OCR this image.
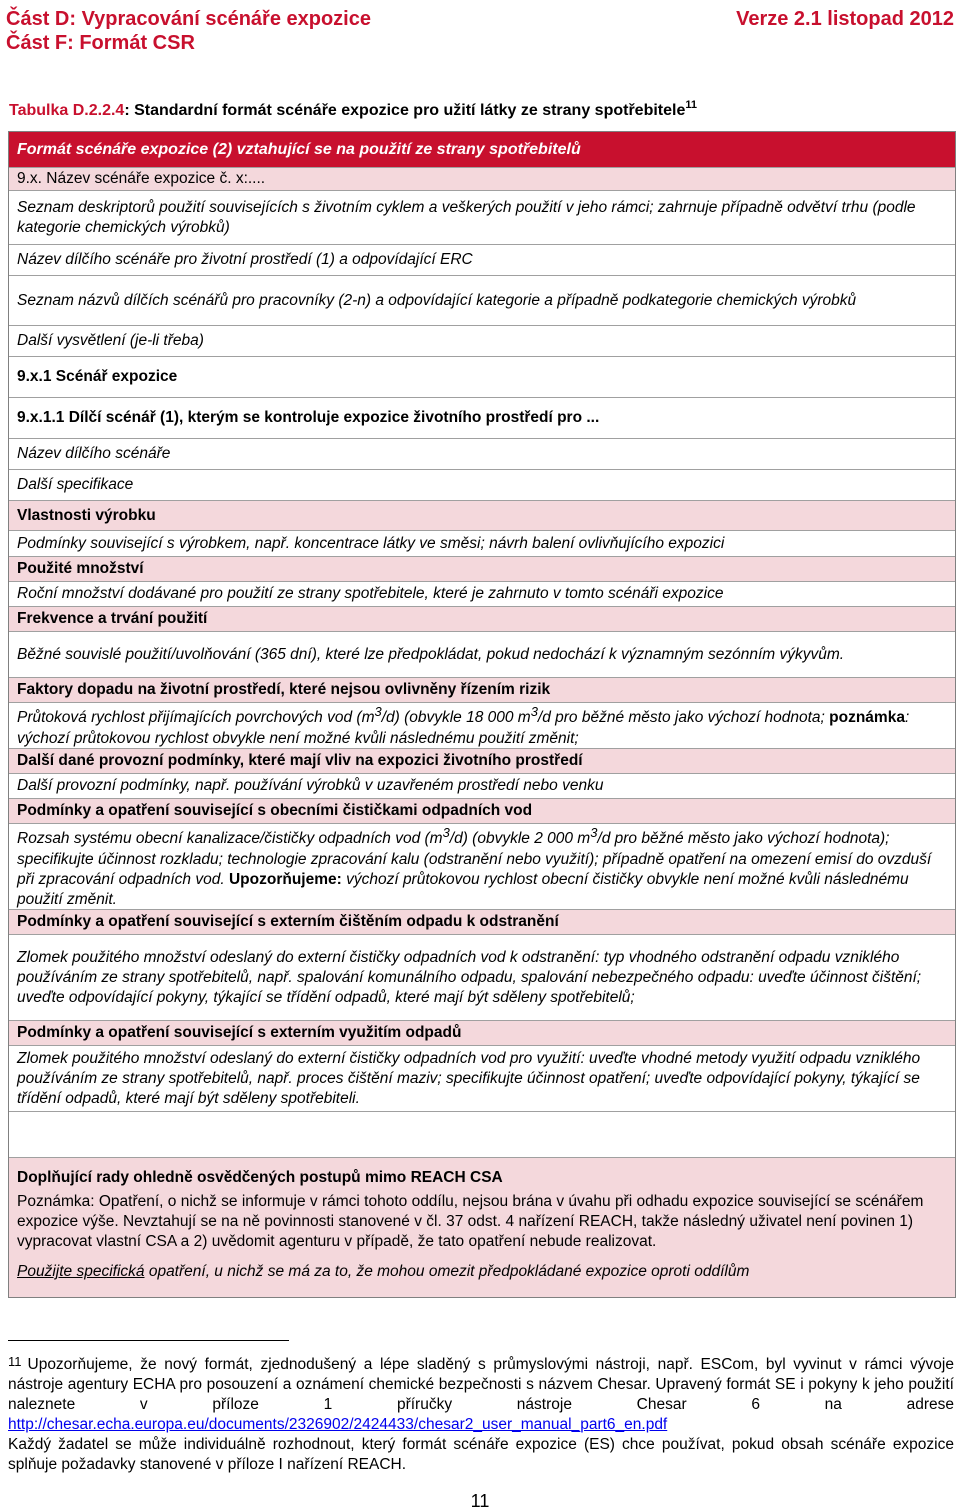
Část D: Vypracování scénáře expozice
Část F: Formát CSR
Verze 2.1 listopad 2012
Tabulka D.2.2.4: Standardní formát scénáře expozice pro užití látky ze strany spotřebitele$^{11}$
Formát scénáře expozice (2) vztahující se na použití ze strany spotřebitelů
9.x. Název scénáře expozice č. x:....
Seznam deskriptorů použití souvisejících s životním cyklem a veškerých použití v jeho rámci; zahrnuje případně odvětví trhu (podle kategorie chemických výrobků)
Název dílčího scénáře pro životní prostředí (1) a odpovídající ERC
Seznam názvů dílčích scénářů pro pracovníky (2-n) a odpovídající kategorie a případně podkategorie chemických výrobků
Další vysvětlení (je-li třeba)
9.x.1 Scénář expozice
9.x.1.1 Dílčí scénář (1), kterým se kontroluje expozice životního prostředí pro ...
Název dílčího scénáře
Další specifikace
Vlastnosti výrobku
Podmínky související s výrobkem, např. koncentrace látky ve směsi; návrh balení ovlivňujícího expozici
Použité množství
Roční množství dodávané pro použití ze strany spotřebitele, které je zahrnuto v tomto scénáři expozice
Frekvence a trvání použití
Běžné souvislé použití/uvolňování (365 dní), které lze předpokládat, pokud nedochází k významným sezónním výkyvům.
Faktory dopadu na životní prostředí, které nejsou ovlivněny řízením rizik
Průtoková rychlost přijímajících povrchových vod $(m^3/d)$ (obvykle 18 000 $m^3/d$ pro běžné město jako výchozí hodnota; poznámka: výchozí průtokovou rychlost obvykle není možné kvůli následnému použití změnit;
Další dané provozní podmínky, které mají vliv na expozici životního prostředí
Další provozní podmínky, např. používání výrobků v uzavřeném prostředí nebo venku
Podmínky a opatření související s obecními čističkami odpadních vod
Rozsah systému obecní kanalizace/čističky odpadních vod $(m^3/d)$ (obvykle 2 000 $m^3/d$ pro běžné město jako výchozí hodnota); specifikujte účinnost rozkladu; technologie zpracování kalu (odstranění nebo využití); případně opatření na omezení emisí do ovzduší při zpracování odpadních vod. Upozorňujeme: výchozí průtokovou rychlost obecní čističky obvykle není možné kvůli následnému použití změnit.
Podmínky a opatření související s externím čištěním odpadu k odstranění
Zlomek použitého množství odeslaný do externí čističky odpadních vod k odstranění: typ vhodného odstranění odpadu vzniklého používáním ze strany spotřebitelů, např. spalování komunálního odpadu, spalování nebezpečného odpadu: uveďte účinnost čištění; uveďte odpovídající pokyny, týkající se třídění odpadů, které mají být sděleny spotřebitelů;
Podmínky a opatření související s externím využitím odpadů
Zlomek použitého množství odeslaný do externí čističky odpadních vod pro využití: uveďte vhodné metody využití odpadu vzniklého používáním ze strany spotřebitelů, např. proces čištění maziv; specifikujte účinnost opatření; uveďte odpovídající pokyny, týkající se třídění odpadů, které mají být sděleny spotřebiteli.
Doplňující rady ohledně osvědčených postupů mimo REACH CSA
Poznámka: Opatření, o nichž se informuje v rámci tohoto oddílu, nejsou brána v úvahu při odhadu expozice související se scénářem expozice výše. Nevztahují se na ně povinnosti stanovené v čl. 37 odst. 4 nařízení REACH, takže následný uživatel není povinen 1) vypracovat vlastní CSA a 2) uvědomit agenturu v případě, že tato opatření nebude realizovat.
Použijte specifická opatření, u nichž se má za to, že mohou omezit předpokládané expozice oproti oddílům
$^{11}$ Upozorňujeme, že nový formát, zjednodušený a lépe sladěný s průmyslovými nástroji, např. ESCom, byl vyvinut v rámci vývoje nástroje agentury ECHA pro posouzení a oznámení chemické bezpečnosti s názvem Chesar. Upravený formát SE i pokyny k jeho použití naleznete v příloze 1 příručky nástroje Chesar 6 na adrese http://chesar.echa.europa.eu/documents/2326902/2424433/chesar2_user_manual_part6_en.pdf
Každý žadatel se může individuálně rozhodnout, který formát scénáře expozice (ES) chce používat, pokud obsah scénáře expozice splňuje požadavky stanovené v příloze I nařízení REACH.
11
